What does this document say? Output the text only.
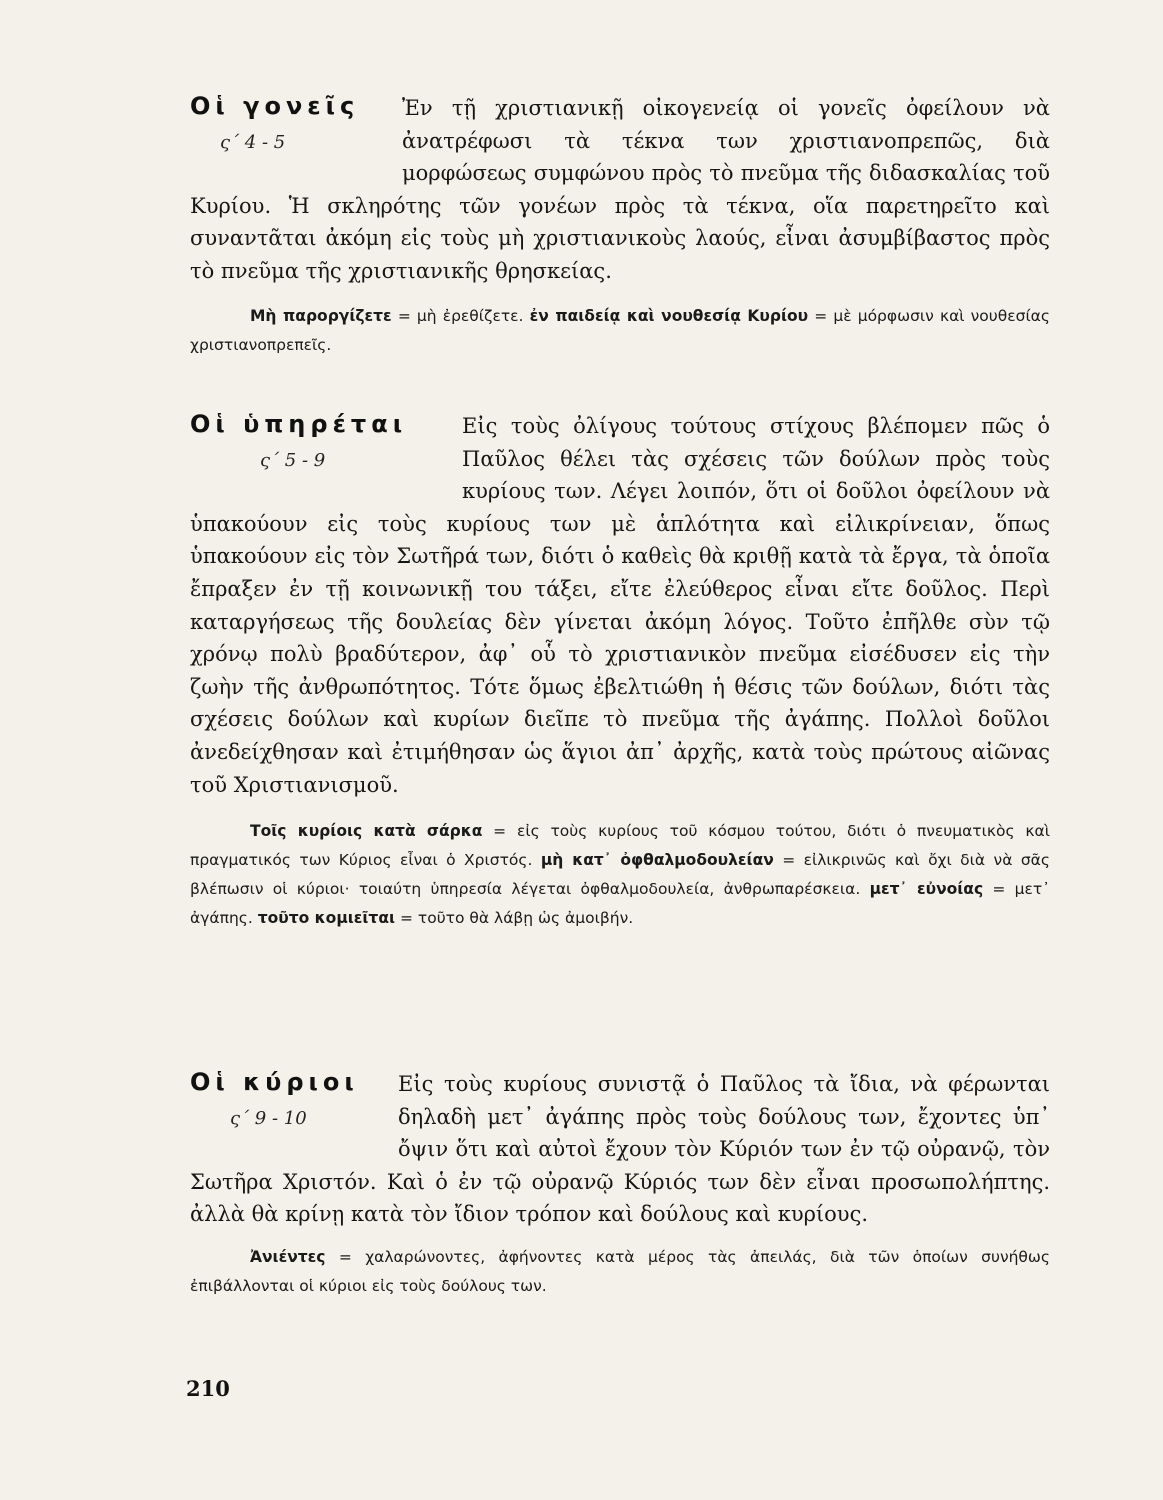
Οἱ γονεῖς
ς΄ 4 - 5

Ἐν τῇ χριστιανικῇ οἰκογενείᾳ οἱ γονεῖς ὀφείλουν νὰ ἀνατρέφωσι τὰ τέκνα των χριστιανοπρεπῶς, διὰ μορφώσεως συμφώνου πρὸς τὸ πνεῦμα τῆς διδασκαλίας τοῦ Κυρίου. Ἡ σκληρότης τῶν γονέων πρὸς τὰ τέκνα, οἵα παρετηρεῖτο καὶ συναντᾶται ἀκόμη εἰς τοὺς μὴ χριστιανικοὺς λαούς, εἶναι ἀσυμβίβαστος πρὸς τὸ πνεῦμα τῆς χριστιανικῆς θρησκείας.

Μὴ παροργίζετε = μὴ ἐρεθίζετε. ἐν παιδείᾳ καὶ νουθεσίᾳ Κυρίου = μὲ μόρφωσιν καὶ νουθεσίας χριστιανοπρεπεῖς.

Οἱ ὑπηρέται
ς΄ 5 - 9

Εἰς τοὺς ὀλίγους τούτους στίχους βλέπομεν πῶς ὁ Παῦλος θέλει τὰς σχέσεις τῶν δούλων πρὸς τοὺς κυρίους των. Λέγει λοιπόν, ὅτι οἱ δοῦλοι ὀφείλουν νὰ ὑπακούουν εἰς τοὺς κυρίους των μὲ ἁπλότητα καὶ εἰλικρίνειαν, ὅπως ὑπακούουν εἰς τὸν Σωτῆρά των, διότι ὁ καθεὶς θὰ κριθῇ κατὰ τὰ ἔργα, τὰ ὁποῖα ἔπραξεν ἐν τῇ κοινωνικῇ του τάξει, εἴτε ἐλεύθερος εἶναι εἴτε δοῦλος. Περὶ καταργήσεως τῆς δουλείας δὲν γίνεται ἀκόμη λόγος. Τοῦτο ἐπῆλθε σὺν τῷ χρόνῳ πολὺ βραδύτερον, ἀφ᾽ οὗ τὸ χριστιανικὸν πνεῦμα εἰσέδυσεν εἰς τὴν ζωὴν τῆς ἀνθρωπότητος. Τότε ὅμως ἐβελτιώθη ἡ θέσις τῶν δούλων, διότι τὰς σχέσεις δούλων καὶ κυρίων διεῖπε τὸ πνεῦμα τῆς ἀγάπης. Πολλοὶ δοῦλοι ἀνεδείχθησαν καὶ ἐτιμήθησαν ὡς ἅγιοι ἀπ᾽ ἀρχῆς, κατὰ τοὺς πρώτους αἰῶνας τοῦ Χριστιανισμοῦ.

Τοῖς κυρίοις κατὰ σάρκα = εἰς τοὺς κυρίους τοῦ κόσμου τούτου, διότι ὁ πνευματικὸς καὶ πραγματικός των Κύριος εἶναι ὁ Χριστός. μὴ κατ᾽ ὀφθαλμοδουλείαν = εἰλικρινῶς καὶ ὄχι διὰ νὰ σᾶς βλέπωσιν οἱ κύριοι· τοιαύτη ὑπηρεσία λέγεται ὀφθαλμοδουλεία, ἀνθρωπαρέσκεια. μετ᾽ εὐνοίας = μετ᾽ ἀγάπης. τοῦτο κομιεῖται = τοῦτο θὰ λάβῃ ὡς ἀμοιβήν.

Οἱ κύριοι
ς΄ 9 - 10

Εἰς τοὺς κυρίους συνιστᾷ ὁ Παῦλος τὰ ἴδια, νὰ φέρωνται δηλαδὴ μετ᾽ ἀγάπης πρὸς τοὺς δούλους των, ἔχοντες ὑπ᾽ ὄψιν ὅτι καὶ αὐτοὶ ἔχουν τὸν Κύριόν των ἐν τῷ οὐρανῷ, τὸν Σωτῆρα Χριστόν. Καὶ ὁ ἐν τῷ οὐρανῷ Κύριός των δὲν εἶναι προσωπολήπτης. ἀλλὰ θὰ κρίνῃ κατὰ τὸν ἴδιον τρόπον καὶ δούλους καὶ κυρίους.

Ἀνιέντες = χαλαρώνοντες, ἀφήνοντες κατὰ μέρος τὰς ἀπειλάς, διὰ τῶν ὁποίων συνήθως ἐπιβάλλονται οἱ κύριοι εἰς τοὺς δούλους των.

210
